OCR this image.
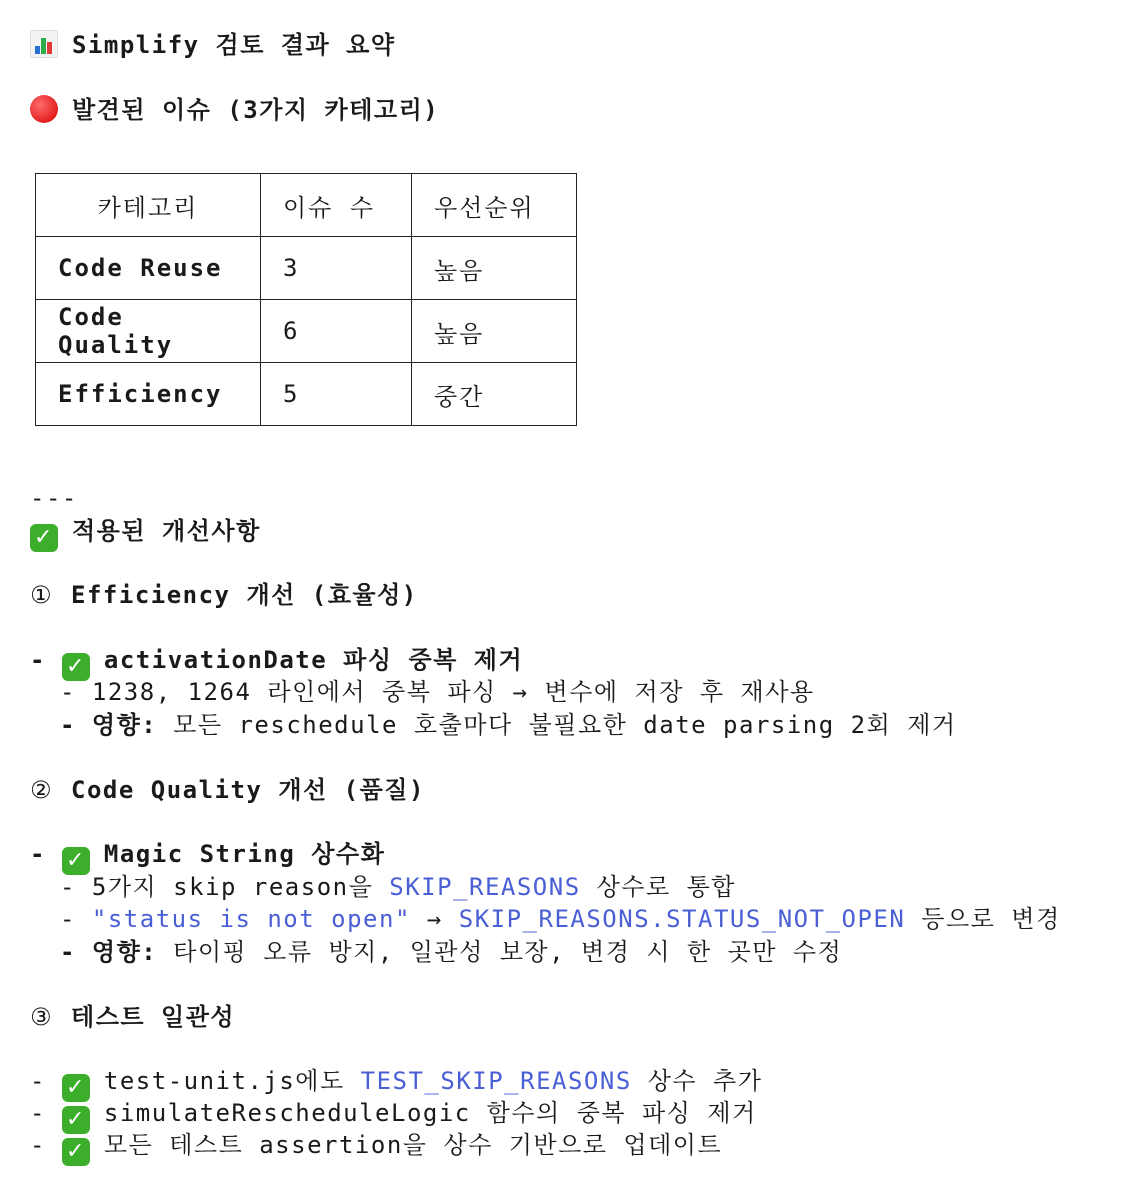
Simplify 검토 결과 요약
발견된 이슈 (3가지 카테고리)
카테고리	이슈 수	우선순위
Code Reuse	3	높음
Code Quality	6	높음
Efficiency	5	중간
---
✓ 적용된 개선사항
① Efficiency 개선 (효율성)
- ✓ activationDate 파싱 중복 제거
- 1238, 1264 라인에서 중복 파싱 → 변수에 저장 후 재사용
- 영향: 모든 reschedule 호출마다 불필요한 date parsing 2회 제거
② Code Quality 개선 (품질)
- ✓ Magic String 상수화
- 5가지 skip reason을 SKIP_REASONS 상수로 통합
- "status is not open" → SKIP_REASONS.STATUS_NOT_OPEN 등으로 변경
- 영향: 타이핑 오류 방지, 일관성 보장, 변경 시 한 곳만 수정
③ 테스트 일관성
- ✓ test-unit.js에도 TEST_SKIP_REASONS 상수 추가
- ✓ simulateRescheduleLogic 함수의 중복 파싱 제거
- ✓ 모든 테스트 assertion을 상수 기반으로 업데이트
